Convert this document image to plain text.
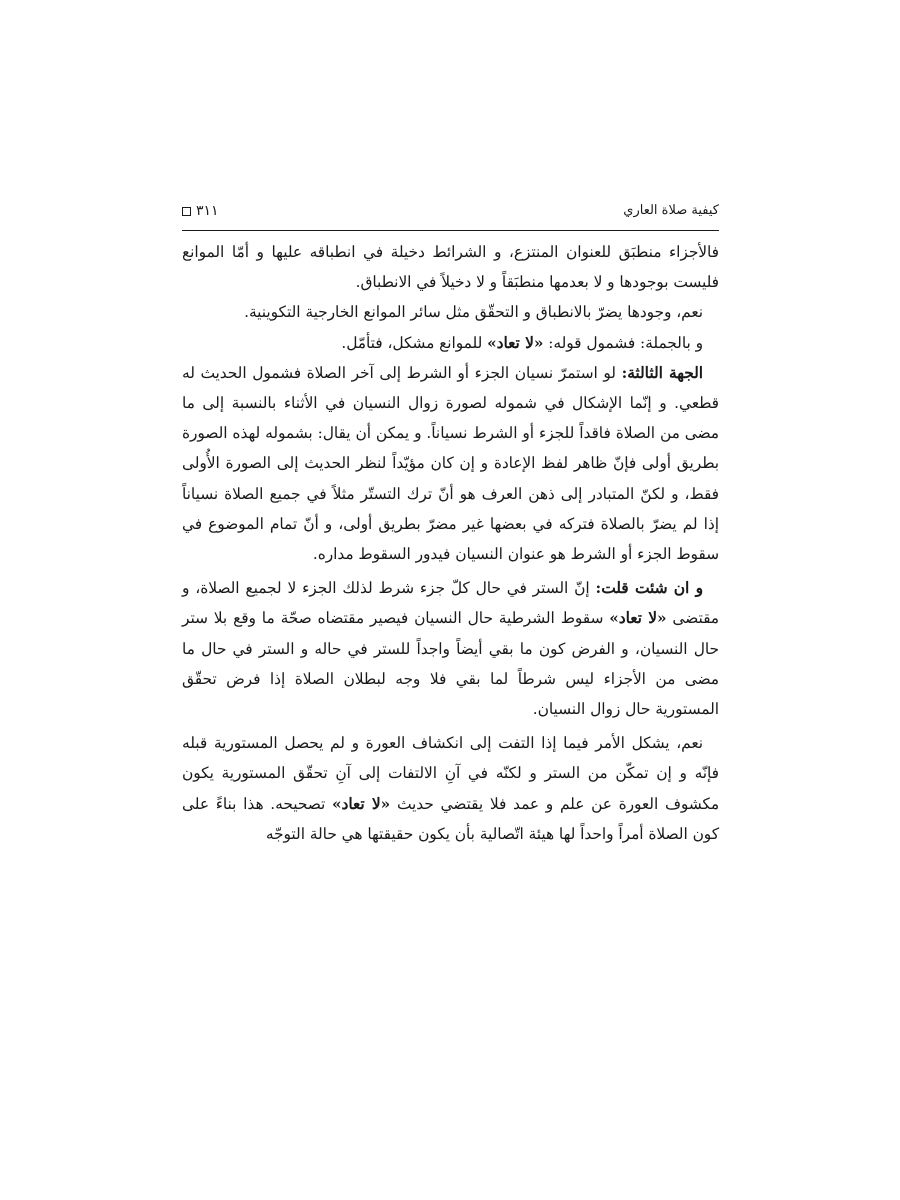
كيفية صلاة العاري
٣١١

فالأجزاء منطبَق للعنوان المنتزع، و الشرائط دخيلة في انطباقه عليها و أمّا الموانع فليست بوجودها و لا بعدمها منطبَقاً و لا دخيلاً في الانطباق.

نعم، وجودها يضرّ بالانطباق و التحقّق مثل سائر الموانع الخارجية التكوينية.

و بالجملة: فشمول قوله: «لا تعاد» للموانع مشكل، فتأمّل.

الجهة الثالثة: لو استمرّ نسيان الجزء أو الشرط إلى آخر الصلاة فشمول الحديث له قطعي. و إنّما الإشكال في شموله لصورة زوال النسيان في الأثناء بالنسبة إلى ما مضى من الصلاة فاقداً للجزء أو الشرط نسياناً. و يمكن أن يقال: بشموله لهذه الصورة بطريق أولى فإنّ ظاهر لفظ الإعادة و إن كان مؤيّداً لنظر الحديث إلى الصورة الأُولى فقط، و لكنّ المتبادر إلى ذهن العرف هو أنّ ترك التستّر مثلاً في جميع الصلاة نسياناً إذا لم يضرّ بالصلاة فتركه في بعضها غير مضرّ بطريق أولى، و أنّ تمام الموضوع في سقوط الجزء أو الشرط هو عنوان النسيان فيدور السقوط مداره.

و ان شئت قلت: إنّ الستر في حال كلّ جزء شرط لذلك الجزء لا لجميع الصلاة، و مقتضى «لا تعاد» سقوط الشرطية حال النسيان فيصير مقتضاه صحّة ما وقع بلا ستر حال النسيان، و الفرض كون ما بقي أيضاً واجداً للستر في حاله و الستر في حال ما مضى من الأجزاء ليس شرطاً لما بقي فلا وجه لبطلان الصلاة إذا فرض تحقّق المستورية حال زوال النسيان.

نعم، يشكل الأمر فيما إذا التفت إلى انكشاف العورة و لم يحصل المستورية قبله فإنّه و إن تمكّن من الستر و لكنّه في آنِ الالتفات إلى آنِ تحقّق المستورية يكون مكشوف العورة عن علم و عمد فلا يقتضي حديث «لا تعاد» تصحيحه. هذا بناءً على كون الصلاة أمراً واحداً لها هيئة اتّصالية بأن يكون حقيقتها هي حالة التوجّه
